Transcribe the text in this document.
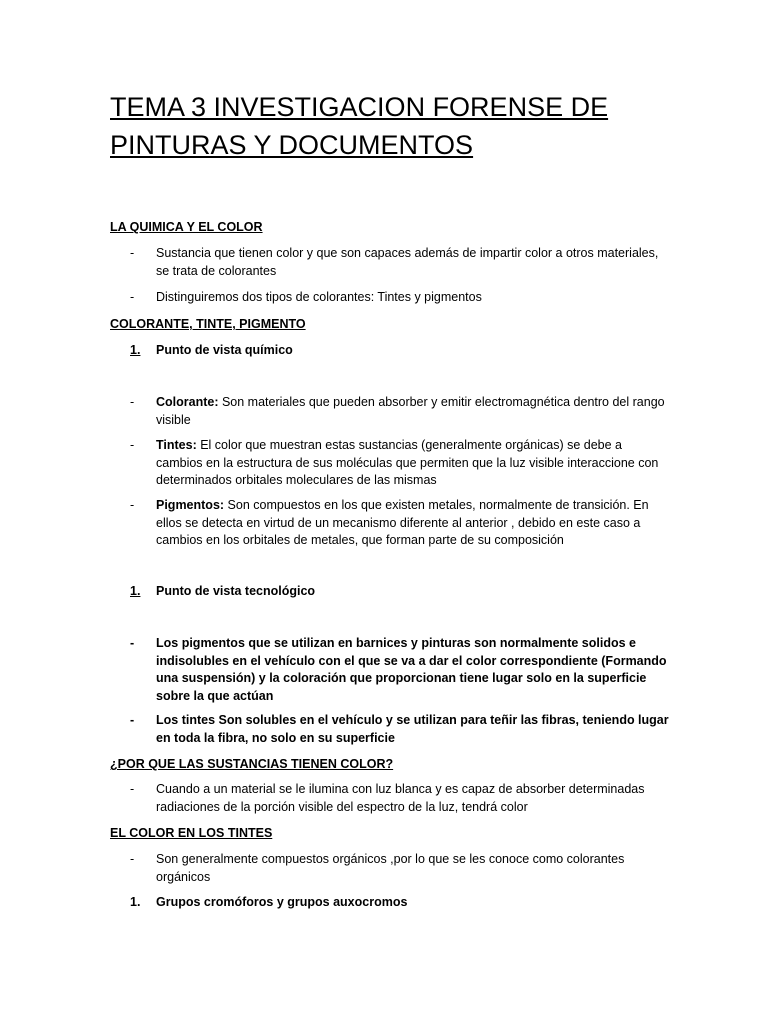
TEMA 3 INVESTIGACION FORENSE DE PINTURAS Y DOCUMENTOS

LA QUIMICA Y EL COLOR

- Sustancia que tienen color y que son capaces además de impartir color a otros materiales, se trata de colorantes
- Distinguiremos dos tipos de colorantes: Tintes y pigmentos

COLORANTE, TINTE, PIGMENTO

1. Punto de vista químico
- Colorante: Son materiales que pueden absorber y emitir electromagnética dentro del rango visible
- Tintes: El color que muestran estas sustancias (generalmente orgánicas) se debe a cambios en la estructura de sus moléculas que permiten que la luz visible interaccione con determinados orbitales moleculares de las mismas
- Pigmentos: Son compuestos en los que existen metales, normalmente de transición. En ellos se detecta en virtud de un mecanismo diferente al anterior , debido en este caso a cambios en los orbitales de metales, que forman parte de su composición
1. Punto de vista tecnológico
- Los pigmentos que se utilizan en barnices y pinturas son normalmente solidos e indisolubles en el vehículo con el que se va a dar el color correspondiente (Formando una suspensión) y la coloración que proporcionan tiene lugar solo en la superficie sobre la que actúan
- Los tintes Son solubles en el vehículo y se utilizan para teñir las fibras, teniendo lugar en toda la fibra, no solo en su superficie

¿POR QUE LAS SUSTANCIAS TIENEN COLOR?

- Cuando a un material se le ilumina con luz blanca y es capaz de absorber determinadas radiaciones de la porción visible del espectro de la luz, tendrá color

EL COLOR EN LOS TINTES

- Son generalmente compuestos orgánicos ,por lo que se les conoce como colorantes orgánicos
1. Grupos cromóforos y grupos auxocromos
